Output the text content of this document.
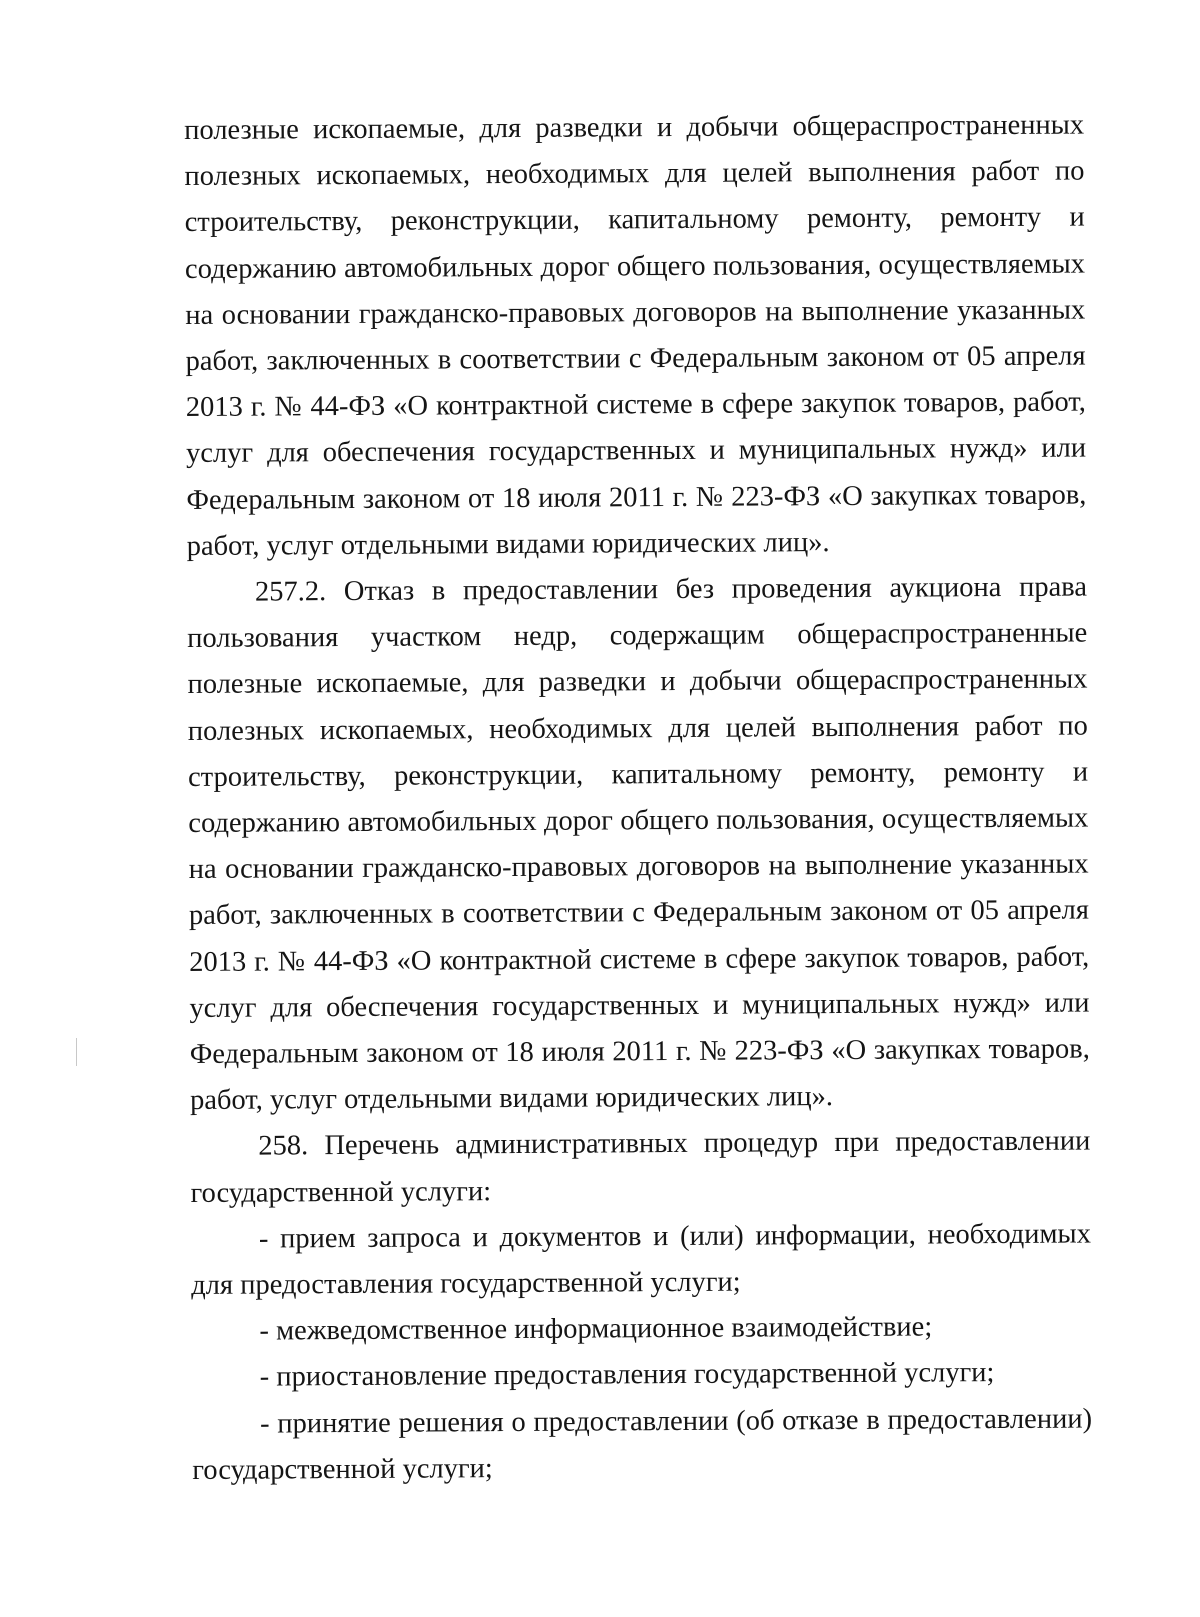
полезные ископаемые, для разведки и добычи общераспространенных полезных ископаемых, необходимых для целей выполнения работ по строительству, реконструкции, капитальному ремонту, ремонту и содержанию автомобильных дорог общего пользования, осуществляемых на основании гражданско-правовых договоров на выполнение указанных работ, заключенных в соответствии с Федеральным законом от 05 апреля 2013 г. № 44-ФЗ «О контрактной системе в сфере закупок товаров, работ, услуг для обеспечения государственных и муниципальных нужд» или Федеральным законом от 18 июля 2011 г. № 223-ФЗ «О закупках товаров, работ, услуг отдельными видами юридических лиц».

257.2. Отказ в предоставлении без проведения аукциона права пользования участком недр, содержащим общераспространенные полезные ископаемые, для разведки и добычи общераспространенных полезных ископаемых, необходимых для целей выполнения работ по строительству, реконструкции, капитальному ремонту, ремонту и содержанию автомобильных дорог общего пользования, осуществляемых на основании гражданско-правовых договоров на выполнение указанных работ, заключенных в соответствии с Федеральным законом от 05 апреля 2013 г. № 44-ФЗ «О контрактной системе в сфере закупок товаров, работ, услуг для обеспечения государственных и муниципальных нужд» или Федеральным законом от 18 июля 2011 г. № 223-ФЗ «О закупках товаров, работ, услуг отдельными видами юридических лиц».

258. Перечень административных процедур при предоставлении государственной услуги:

- прием запроса и документов и (или) информации, необходимых для предоставления государственной услуги;

- межведомственное информационное взаимодействие;

- приостановление предоставления государственной услуги;

- принятие решения о предоставлении (об отказе в предоставлении) государственной услуги;
